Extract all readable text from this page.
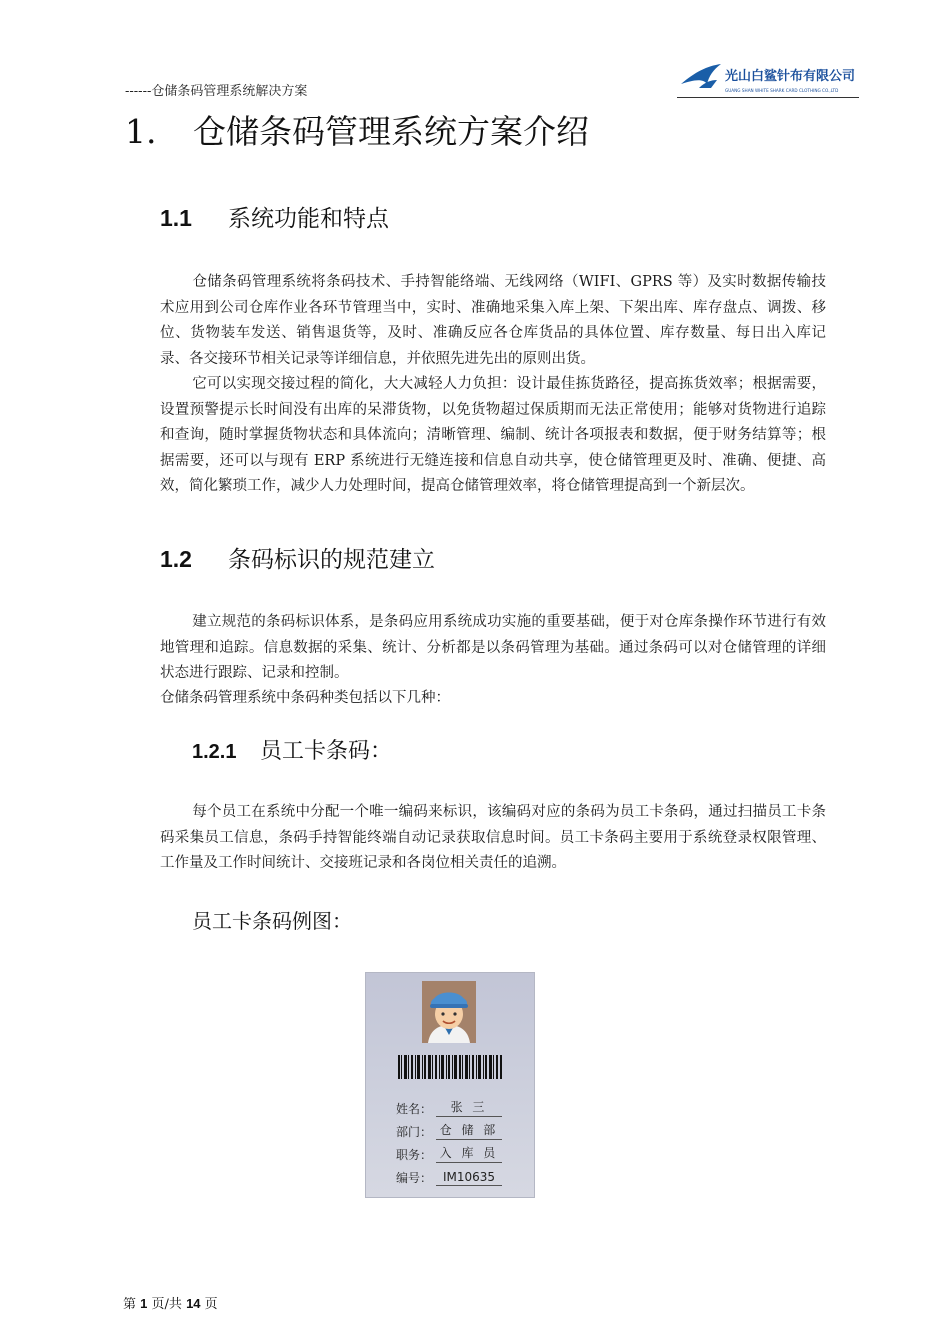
------仓储条码管理系统解决方案
光山白鲨针布有限公司
GUANG SHAN WHITE SHARK CARD CLOTHING CO.,LTD
1. 仓储条码管理系统方案介绍
1.1 系统功能和特点
仓储条码管理系统将条码技术、手持智能络端、无线网络（WIFI、GPRS 等）及实时数据传输技术应用到公司仓库作业各环节管理当中，实时、准确地采集入库上架、下架出库、库存盘点、调拨、移位、货物装车发送、销售退货等，及时、准确反应各仓库货品的具体位置、库存数量、每日出入库记录、各交接环节相关记录等详细信息，并依照先进先出的原则出货。
它可以实现交接过程的简化，大大减轻人力负担：设计最佳拣货路径，提高拣货效率；根据需要，设置预警提示长时间没有出库的呆滞货物，以免货物超过保质期而无法正常使用；能够对货物进行追踪和查询，随时掌握货物状态和具体流向；清晰管理、编制、统计各项报表和数据，便于财务结算等；根据需要，还可以与现有 ERP 系统进行无缝连接和信息自动共享，使仓储管理更及时、准确、便捷、高效，简化繁琐工作，减少人力处理时间，提高仓储管理效率，将仓储管理提高到一个新层次。
1.2 条码标识的规范建立
建立规范的条码标识体系，是条码应用系统成功实施的重要基础，便于对仓库条操作环节进行有效地管理和追踪。信息数据的采集、统计、分析都是以条码管理为基础。通过条码可以对仓储管理的详细状态进行跟踪、记录和控制。
仓储条码管理系统中条码种类包括以下几种：
1.2.1 员工卡条码：
每个员工在系统中分配一个唯一编码来标识，该编码对应的条码为员工卡条码，通过扫描员工卡条码采集员工信息，条码手持智能终端自动记录获取信息时间。员工卡条码主要用于系统登录权限管理、工作量及工作时间统计、交接班记录和各岗位相关责任的追溯。
员工卡条码例图：
姓名：	张 三
部门： 仓 储 部
职务： 入 库 员
编号： IM10635
第 1 页/共 14 页
